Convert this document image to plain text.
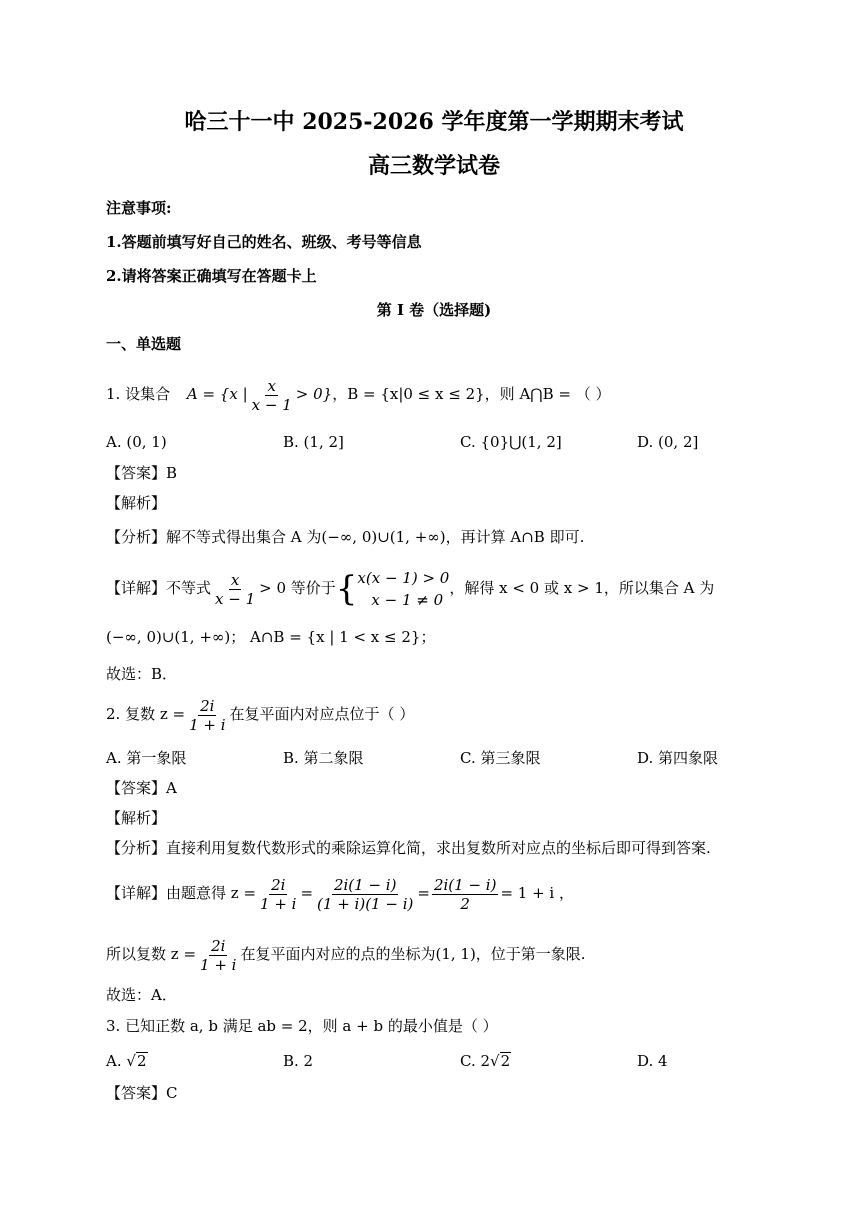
哈三十一中 2025-2026 学年度第一学期期末考试
高三数学试卷
注意事项:
1.答题前填写好自己的姓名、班级、考号等信息
2.请将答案正确填写在答题卡上
第 I 卷（选择题)
一、单选题
1. 设集合 A = {x | $\frac{x}{x - 1} > 0$}，B = {x|0 ≤ x ≤ 2}，则 A⋂B = （ ）
A. (0, 1)	B. (1, 2]	C. {0}⋃(1, 2]	D. (0, 2]
【答案】B
【解析】
【分析】解不等式得出集合 A 为(−∞, 0)∪(1, +∞)，再计算 A∩B 即可.
【详解】不等式 $\frac{x}{x - 1} > 0$ 等价于{ x(x − 1) > 0
x − 1 ≠ 0
，解得 x < 0 或 x > 1，所以集合 A 为
(−∞, 0)∪(1, +∞)； A∩B = {x | 1 < x ≤ 2}；
故选：B．
2. 复数 $z = \frac{2i}{1 + i}$ 在复平面内对应点位于（ ）
A. 第一象限	B. 第二象限	C. 第三象限	D. 第四象限
【答案】A
【解析】
【分析】直接利用复数代数形式的乘除运算化简，求出复数所对应点的坐标后即可得到答案.
【详解】由题意得 $z = \frac{2i}{1 + i} = \frac{2i(1 - i)}{(1 + i)(1 - i)} = \frac{2i(1 - i)}{2} = 1 + i$ ，
所以复数 $z = \frac{2i}{1 + i}$ 在复平面内对应的点的坐标为(1, 1)，位于第一象限.
故选：A．
3. 已知正数 a, b 满足 ab = 2，则 a + b 的最小值是（ ）
A. √2	B. 2	C. 2√2	D. 4
【答案】C
